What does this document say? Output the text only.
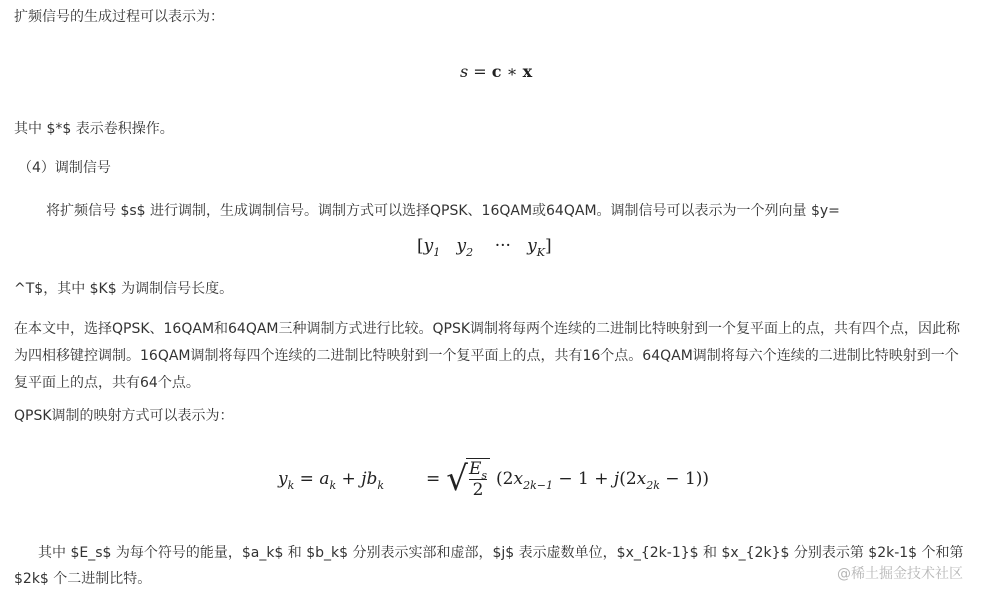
扩频信号的生成过程可以表示为：
s = c ∗ x
其中 $*$ 表示卷积操作。
（4）调制信号
将扩频信号 $s$ 进行调制，生成调制信号。调制方式可以选择QPSK、16QAM或64QAM。调制信号可以表示为一个列向量 $y=
[$y_1$ $y_2$    ···   $y_K$]
^T$，其中 $K$ 为调制信号长度。
在本文中，选择QPSK、16QAM和64QAM三种调制方式进行比较。QPSK调制将每两个连续的二进制比特映射到一个复平面上的点，共有四个点，因此称为四相移键控调制。16QAM调制将每四个连续的二进制比特映射到一个复平面上的点，共有16个点。64QAM调制将每六个连续的二进制比特映射到一个复平面上的点，共有64个点。
QPSK调制的映射方式可以表示为：
$y_k = a_k + jb_k$ = √ $E_s$
2
$(2x_{2k-1} - 1 + j(2x_{2k} - 1))$
其中 $E_s$ 为每个符号的能量，$a_k$ 和 $b_k$ 分别表示实部和虚部，$j$ 表示虚数单位，$x_{2k-1}$ 和 $x_{2k}$ 分别表示第 $2k-1$ 个和第 $2k$ 个二进制比特。	@稀土掘金技术社区
